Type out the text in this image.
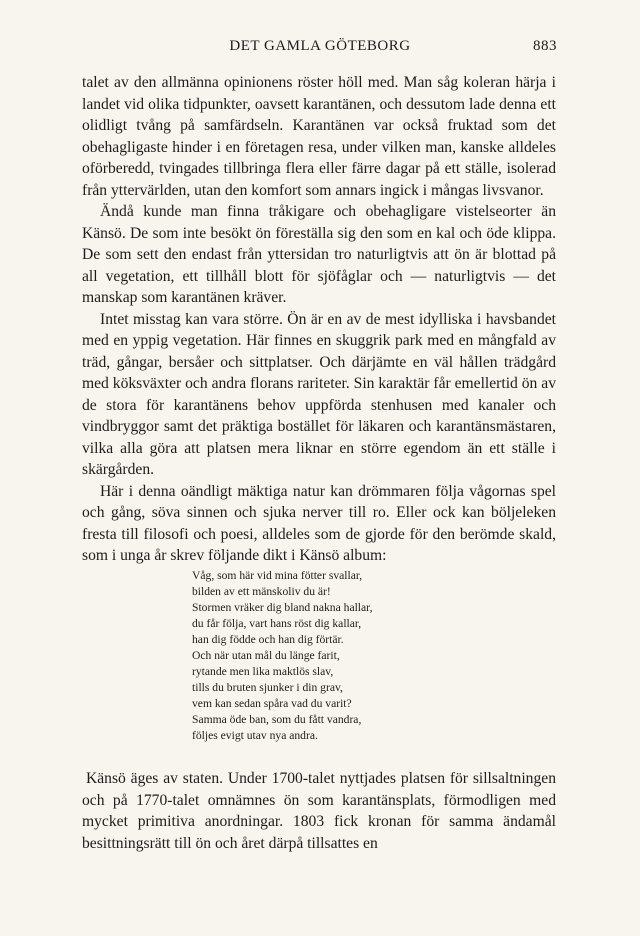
DET GAMLA GÖTEBORG	883

talet av den allmänna opinionens röster höll med. Man såg koleran härja i landet vid olika tidpunkter, oavsett karantänen, och dessutom lade denna ett olidligt tvång på samfärdseln. Karantänen var också fruktad som det obehagligaste hinder i en företagen resa, under vilken man, kanske alldeles oförberedd, tvingades tillbringa flera eller färre dagar på ett ställe, isolerad från yttervärlden, utan den komfort som annars ingick i mångas livsvanor.

Ändå kunde man finna tråkigare och obehagligare vistelseorter än Känsö. De som inte besökt ön föreställa sig den som en kal och öde klippa. De som sett den endast från yttersidan tro naturligtvis att ön är blottad på all vegetation, ett tillhåll blott för sjöfåglar och — naturligtvis — det manskap som karantänen kräver.

Intet misstag kan vara större. Ön är en av de mest idylliska i havsbandet med en yppig vegetation. Här finnes en skuggrik park med en mångfald av träd, gångar, bersåer och sittplatser. Och därjämte en väl hållen trädgård med köksväxter och andra florans rariteter. Sin karaktär får emellertid ön av de stora för karantänens behov uppförda stenhusen med kanaler och vindbryggor samt det präktiga bostället för läkaren och karantänsmästaren, vilka alla göra att platsen mera liknar en större egendom än ett ställe i skärgården.

Här i denna oändligt mäktiga natur kan drömmaren följa vågornas spel och gång, söva sinnen och sjuka nerver till ro. Eller ock kan böljeleken fresta till filosofi och poesi, alldeles som de gjorde för den berömde skald, som i unga år skrev följande dikt i Känsö album:

Våg, som här vid mina fötter svallar,
bilden av ett mänskoliv du är!
Stormen vräker dig bland nakna hallar,
du får följa, vart hans röst dig kallar,
han dig födde och han dig förtär.
Och när utan mål du länge farit,
rytande men lika maktlös slav,
tills du bruten sjunker i din grav,
vem kan sedan spåra vad du varit?
Samma öde ban, som du fått vandra,
följes evigt utav nya andra.

Känsö äges av staten. Under 1700-talet nyttjades platsen för sillsaltningen och på 1770-talet omnämnes ön som karantänsplats, förmodligen med mycket primitiva anordningar. 1803 fick kronan för samma ändamål besittningsrätt till ön och året därpå tillsattes en
